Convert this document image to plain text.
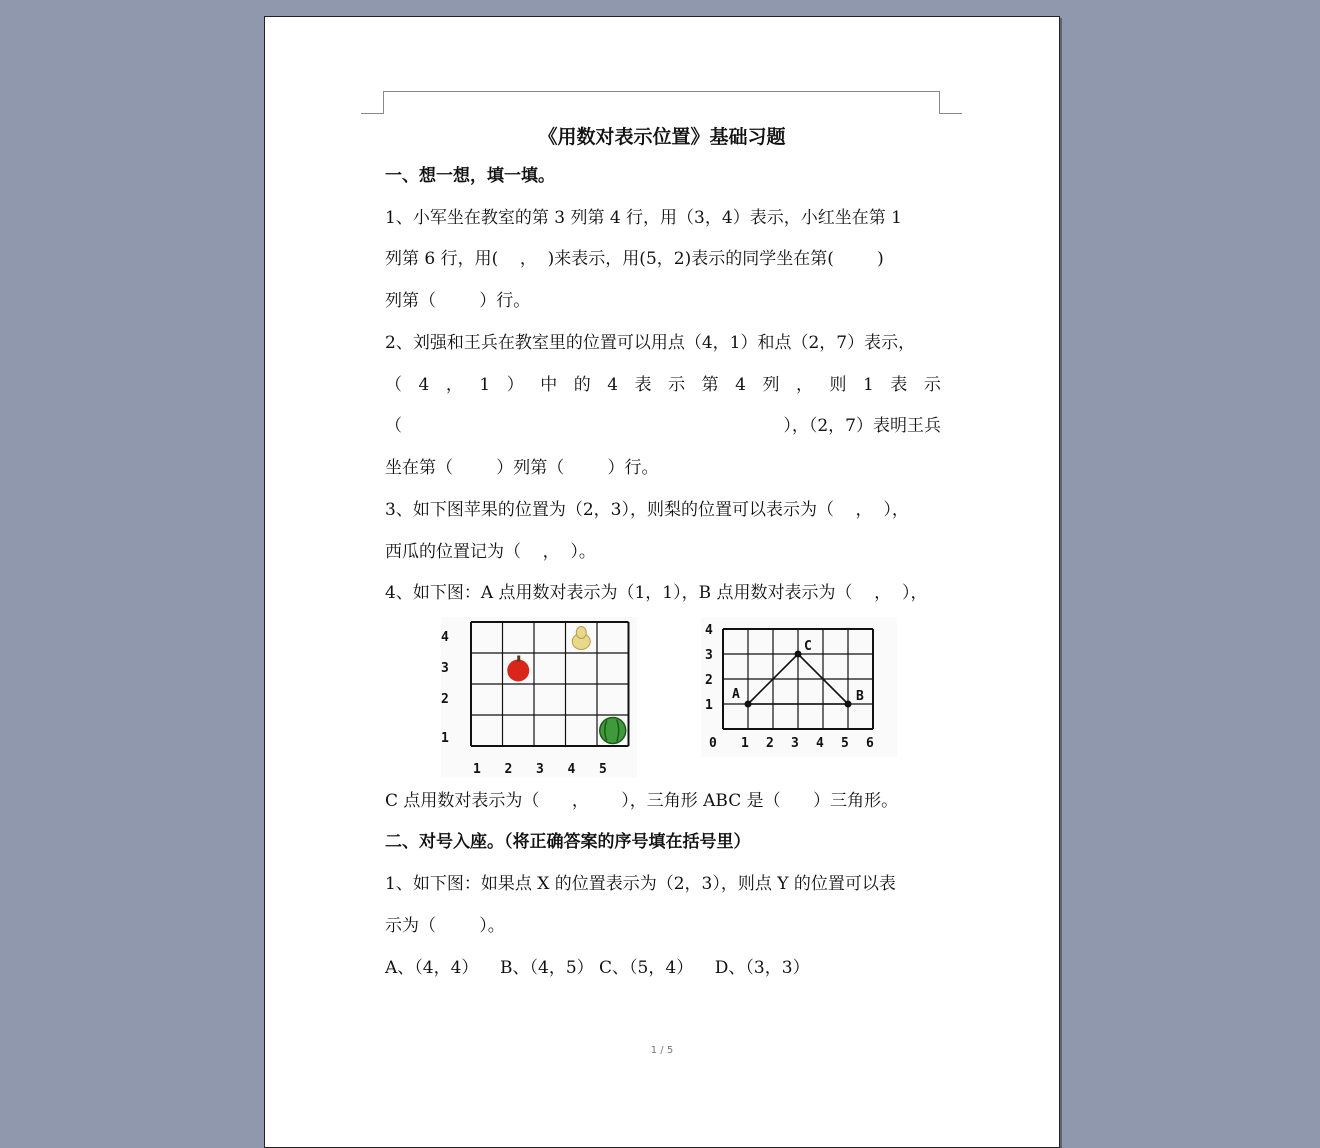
《用数对表示位置》基础习题
一、想一想，填一填。
1、小军坐在教室的第 3 列第 4 行，用（3，4）表示，小红坐在第 1
列第 6 行，用(    ，  )来表示，用(5，2)表示的同学坐在第(        )
列第（        ）行。
2、刘强和王兵在教室里的位置可以用点（4，1）和点（2，7）表示，
（ 4 ， 1 ） 中 的 4 表 示 第 4 列 ， 则 1 表 示
（	），（2，7）表明王兵
坐在第（        ）列第（        ）行。
3、如下图苹果的位置为（2，3），则梨的位置可以表示为（    ，  ），
西瓜的位置记为（    ，  ）。
4、如下图：A 点用数对表示为（1，1），B 点用数对表示为（    ，  ），
1 2 3 4 5
1
2
3
4
0 1 2 3 4 5 6
1
2
3
4
A	B
C
C 点用数对表示为（      ，      ），三角形 ABC 是（      ）三角形。
二、对号入座。（将正确答案的序号填在括号里）
1、如下图：如果点 X 的位置表示为（2，3），则点 Y 的位置可以表
示为（        ）。
A、（4，4）    B、（4，5） C、（5，4）    D、（3，3）
1 / 5
